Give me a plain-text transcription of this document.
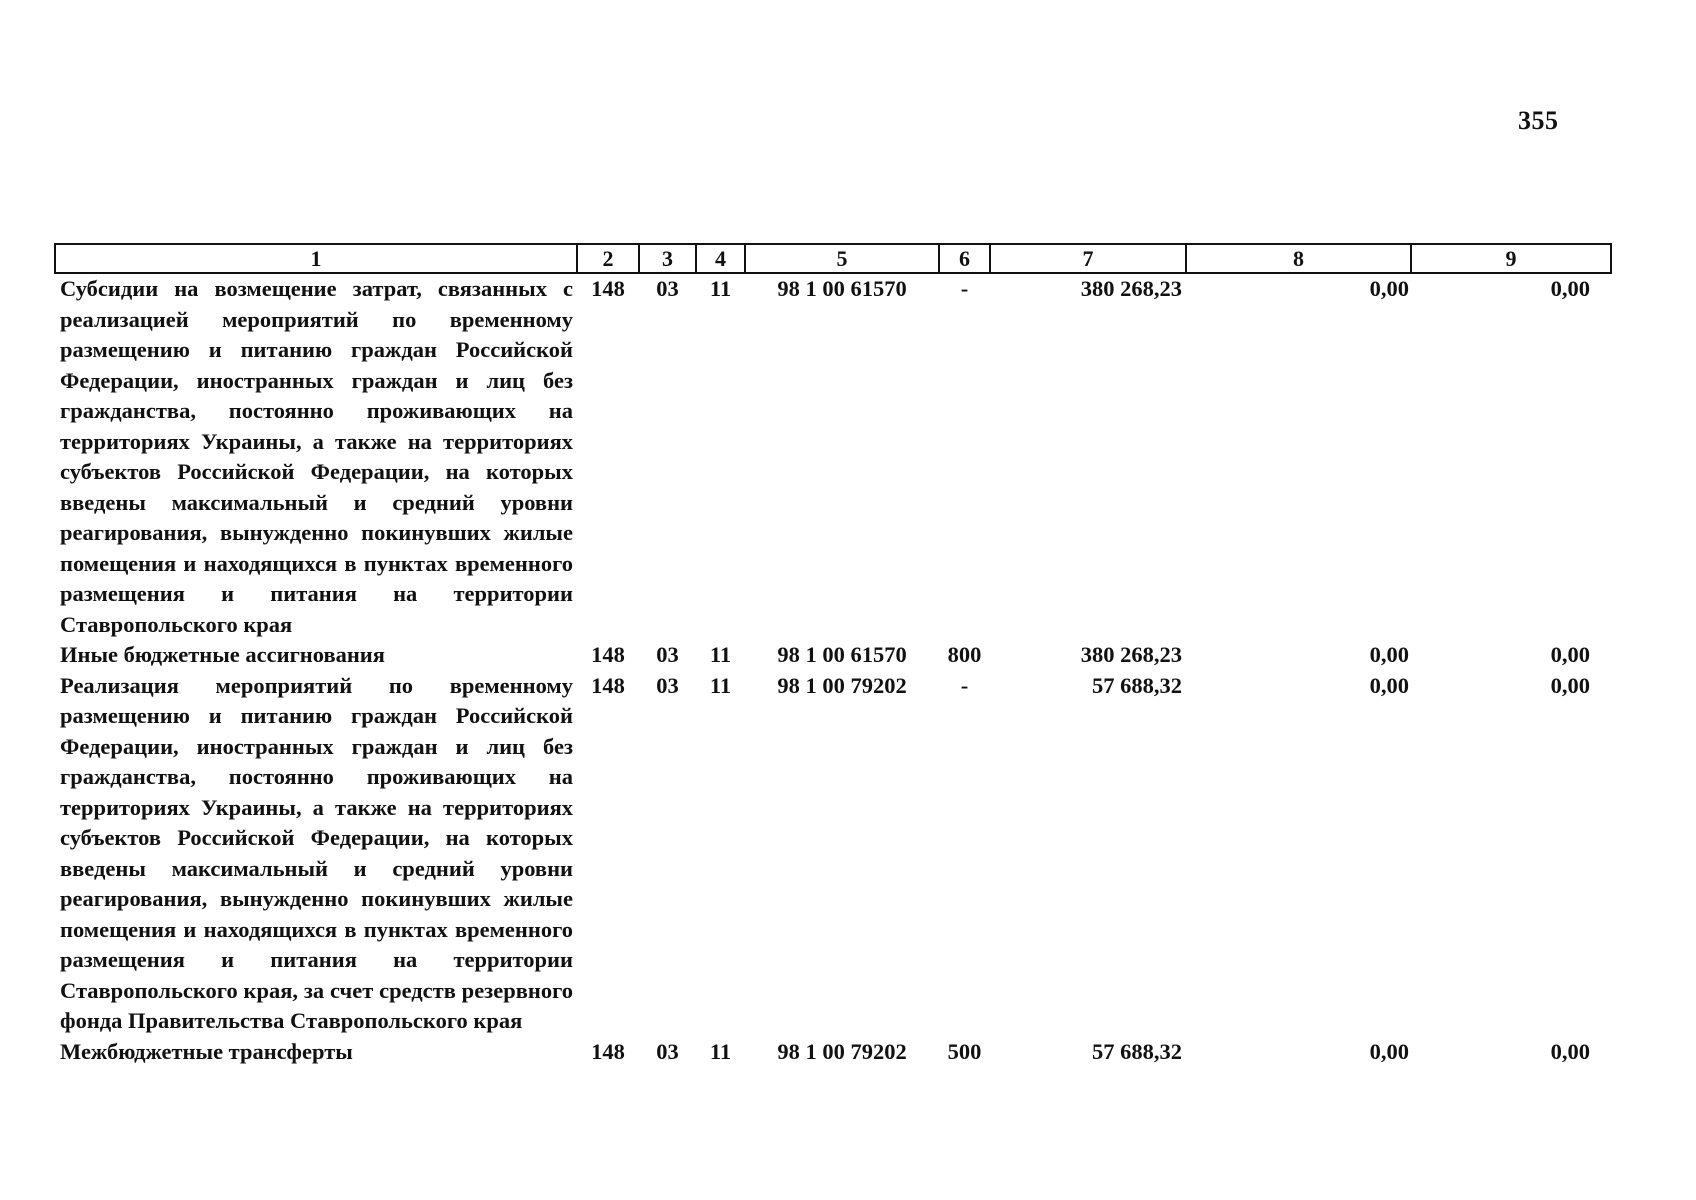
355
1	2	3	4	5	6	7	8	9
Субсидии на возмещение затрат, связанных с реализацией мероприятий по временному размещению и питанию граждан Российской Федерации, иностранных граждан и лиц без гражданства, постоянно проживающих на территориях Украины, а также на территориях субъектов Российской Федерации, на которых введены максимальный и средний уровни реагирования, вынужденно покинувших жилые помещения и находящихся в пунктах временного размещения и питания на территории Ставропольского края	148	03	11	98 1 00 61570	-	380 268,23	0,00	0,00
Иные бюджетные ассигнования	148	03	11	98 1 00 61570	800	380 268,23	0,00	0,00
Реализация мероприятий по временному размещению и питанию граждан Российской Федерации, иностранных граждан и лиц без гражданства, постоянно проживающих на территориях Украины, а также на территориях субъектов Российской Федерации, на которых введены максимальный и средний уровни реагирования, вынужденно покинувших жилые помещения и находящихся в пунктах временного размещения и питания на территории Ставропольского края, за счет средств резервного фонда Правительства Ставропольского края	148	03	11	98 1 00 79202	-	57 688,32	0,00	0,00
Межбюджетные трансферты	148	03	11	98 1 00 79202	500	57 688,32	0,00	0,00
